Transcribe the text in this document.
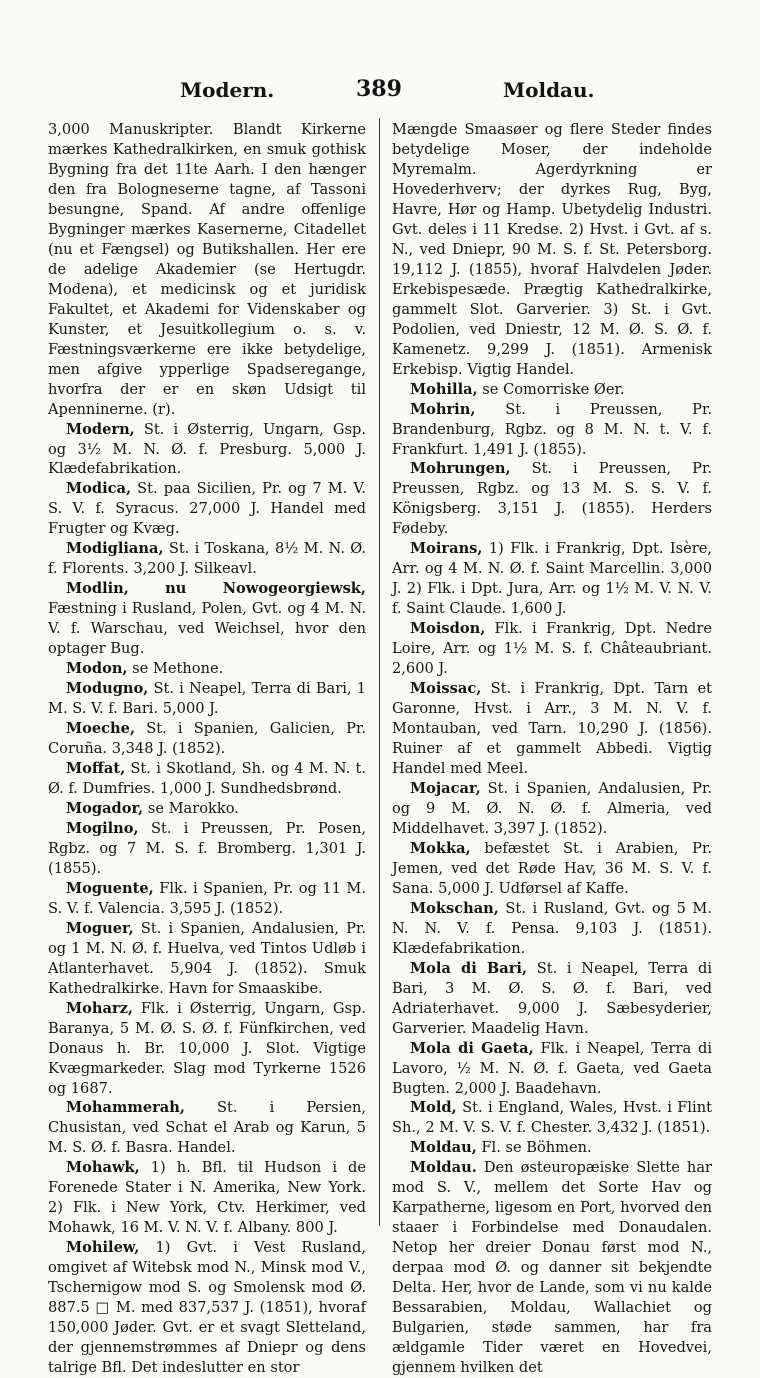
Modern.	389	Moldau.

3,000 Manuskripter. Blandt Kirkerne mærkes Kathedralkirken, en smuk gothisk Bygning fra det 11te Aarh. I den hænger den fra Bologneserne tagne, af Tassoni besungne, Spand. Af andre offenlige Bygninger mærkes Kasernerne, Citadellet (nu et Fængsel) og Butikshallen. Her ere de adelige Akademier (se Hertugdr. Modena), et medicinsk og et juridisk Fakultet, et Akademi for Videnskaber og Kunster, et Jesuitkollegium o. s. v. Fæstningsværkerne ere ikke betydelige, men afgive ypperlige Spadseregange, hvorfra der er en skøn Udsigt til Apenninerne. (r).

Modern, St. i Østerrig, Ungarn, Gsp. og 3½ M. N. Ø. f. Presburg. 5,000 J. Klædefabrikation.

Modica, St. paa Sicilien, Pr. og 7 M. V. S. V. f. Syracus. 27,000 J. Handel med Frugter og Kvæg.

Modigliana, St. i Toskana, 8½ M. N. Ø. f. Florents. 3,200 J. Silkeavl.

Modlin, nu Nowogeorgiewsk, Fæstning i Rusland, Polen, Gvt. og 4 M. N. V. f. Warschau, ved Weichsel, hvor den optager Bug.

Modon, se Methone.

Modugno, St. i Neapel, Terra di Bari, 1 M. S. V. f. Bari. 5,000 J.

Moeche, St. i Spanien, Galicien, Pr. Coruña. 3,348 J. (1852).

Moffat, St. i Skotland, Sh. og 4 M. N. t. Ø. f. Dumfries. 1,000 J. Sundhedsbrønd.

Mogador, se Marokko.

Mogilno, St. i Preussen, Pr. Posen, Rgbz. og 7 M. S. f. Bromberg. 1,301 J. (1855).

Moguente, Flk. i Spanien, Pr. og 11 M. S. V. f. Valencia. 3,595 J. (1852).

Moguer, St. i Spanien, Andalusien, Pr. og 1 M. N. Ø. f. Huelva, ved Tintos Udløb i Atlanterhavet. 5,904 J. (1852). Smuk Kathedralkirke. Havn for Smaaskibe.

Moharz, Flk. i Østerrig, Ungarn, Gsp. Baranya, 5 M. Ø. S. Ø. f. Fünfkirchen, ved Donaus h. Br. 10,000 J. Slot. Vigtige Kvægmarkeder. Slag mod Tyrkerne 1526 og 1687.

Mohammerah, St. i Persien, Chusistan, ved Schat el Arab og Karun, 5 M. S. Ø. f. Basra. Handel.

Mohawk, 1) h. Bfl. til Hudson i de Forenede Stater i N. Amerika, New York. 2) Flk. i New York, Ctv. Herkimer, ved Mohawk, 16 M. V. N. V. f. Albany. 800 J.

Mohilew, 1) Gvt. i Vest Rusland, omgivet af Witebsk mod N., Minsk mod V., Tschernigow mod S. og Smolensk mod Ø. 887.5 □ M. med 837,537 J. (1851), hvoraf 150,000 Jøder. Gvt. er et svagt Sletteland, der gjennemstrømmes af Dniepr og dens talrige Bfl. Det indeslutter en stor

Mængde Smaasøer og flere Steder findes betydelige Moser, der indeholde Myremalm. Agerdyrkning er Hovederhverv; der dyrkes Rug, Byg, Havre, Hør og Hamp. Ubetydelig Industri. Gvt. deles i 11 Kredse. 2) Hvst. i Gvt. af s. N., ved Dniepr, 90 M. S. f. St. Petersborg. 19,112 J. (1855), hvoraf Halvdelen Jøder. Erkebispesæde. Prægtig Kathedralkirke, gammelt Slot. Garverier. 3) St. i Gvt. Podolien, ved Dniestr, 12 M. Ø. S. Ø. f. Kamenetz. 9,299 J. (1851). Armenisk Erkebisp. Vigtig Handel.

Mohilla, se Comorriske Øer.

Mohrin, St. i Preussen, Pr. Brandenburg, Rgbz. og 8 M. N. t. V. f. Frankfurt. 1,491 J. (1855).

Mohrungen, St. i Preussen, Pr. Preussen, Rgbz. og 13 M. S. S. V. f. Königsberg. 3,151 J. (1855). Herders Fødeby.

Moirans, 1) Flk. i Frankrig, Dpt. Isère, Arr. og 4 M. N. Ø. f. Saint Marcellin. 3,000 J. 2) Flk. i Dpt. Jura, Arr. og 1½ M. V. N. V. f. Saint Claude. 1,600 J.

Moisdon, Flk. i Frankrig, Dpt. Nedre Loire, Arr. og 1½ M. S. f. Châteaubriant. 2,600 J.

Moissac, St. i Frankrig, Dpt. Tarn et Garonne, Hvst. i Arr., 3 M. N. V. f. Montauban, ved Tarn. 10,290 J. (1856). Ruiner af et gammelt Abbedi. Vigtig Handel med Meel.

Mojacar, St. i Spanien, Andalusien, Pr. og 9 M. Ø. N. Ø. f. Almeria, ved Middelhavet. 3,397 J. (1852).

Mokka, befæstet St. i Arabien, Pr. Jemen, ved det Røde Hav, 36 M. S. V. f. Sana. 5,000 J. Udførsel af Kaffe.

Mokschan, St. i Rusland, Gvt. og 5 M. N. N. V. f. Pensa. 9,103 J. (1851). Klædefabrikation.

Mola di Bari, St. i Neapel, Terra di Bari, 3 M. Ø. S. Ø. f. Bari, ved Adriaterhavet. 9,000 J. Sæbesyderier, Garverier. Maadelig Havn.

Mola di Gaeta, Flk. i Neapel, Terra di Lavoro, ½ M. N. Ø. f. Gaeta, ved Gaeta Bugten. 2,000 J. Baadehavn.

Mold, St. i England, Wales, Hvst. i Flint Sh., 2 M. V. S. V. f. Chester. 3,432 J. (1851).

Moldau, Fl. se Böhmen.

Moldau. Den østeuropæiske Slette har mod S. V., mellem det Sorte Hav og Karpatherne, ligesom en Port, hvorved den staaer i Forbindelse med Donaudalen. Netop her dreier Donau først mod N., derpaa mod Ø. og danner sit bekjendte Delta. Her, hvor de Lande, som vi nu kalde Bessarabien, Moldau, Wallachiet og Bulgarien, støde sammen, har fra ældgamle Tider været en Hovedvei, gjennem hvilken det
